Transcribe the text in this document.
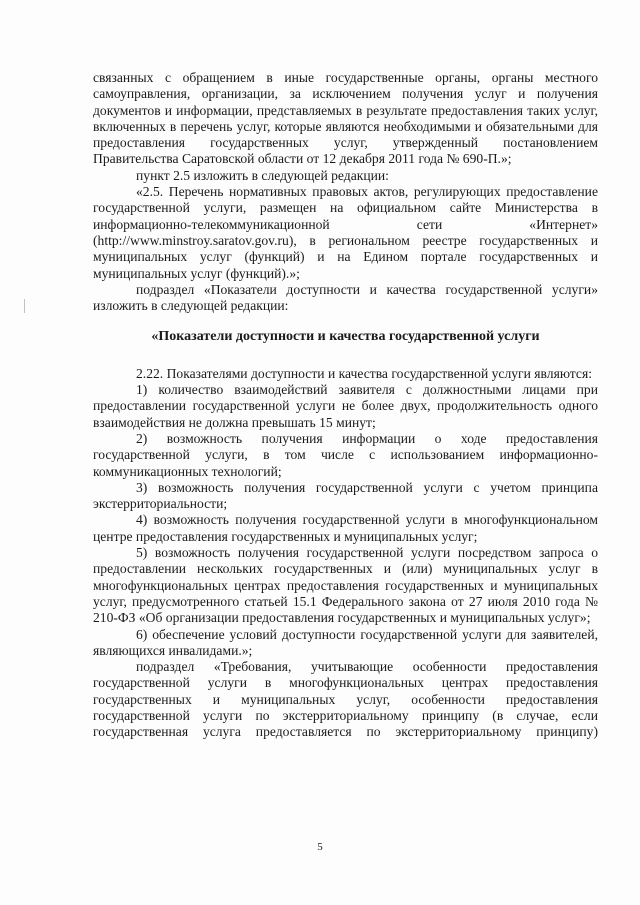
связанных с обращением в иные государственные органы, органы местного самоуправления, организации, за исключением получения услуг и получения документов и информации, представляемых в результате предоставления таких услуг, включенных в перечень услуг, которые являются необходимыми и обязательными для предоставления государственных услуг, утвержденный постановлением Правительства Саратовской области от 12 декабря 2011 года № 690-П.»;

пункт 2.5 изложить в следующей редакции:

«2.5. Перечень нормативных правовых актов, регулирующих предоставление государственной услуги, размещен на официальном сайте Министерства в информационно-телекоммуникационной сети «Интернет» (http://www.minstroy.saratov.gov.ru), в региональном реестре государственных и муниципальных услуг (функций) и на Едином портале государственных и муниципальных услуг (функций).»;

подраздел «Показатели доступности и качества государственной услуги» изложить в следующей редакции:

«Показатели доступности и качества государственной услуги

2.22. Показателями доступности и качества государственной услуги являются:

1) количество взаимодействий заявителя с должностными лицами при предоставлении государственной услуги не более двух, продолжительность одного взаимодействия не должна превышать 15 минут;

2) возможность получения информации о ходе предоставления государственной услуги, в том числе с использованием информационно-коммуникационных технологий;

3) возможность получения государственной услуги с учетом принципа экстерриториальности;

4) возможность получения государственной услуги в многофункциональном центре предоставления государственных и муниципальных услуг;

5) возможность получения государственной услуги посредством запроса о предоставлении нескольких государственных и (или) муниципальных услуг в многофункциональных центрах предоставления государственных и муниципальных услуг, предусмотренного статьей 15.1 Федерального закона от 27 июля 2010 года № 210-ФЗ «Об организации предоставления государственных и муниципальных услуг»;

6) обеспечение условий доступности государственной услуги для заявителей, являющихся инвалидами.»;

подраздел «Требования, учитывающие особенности предоставления государственной услуги в многофункциональных центрах предоставления государственных и муниципальных услуг, особенности предоставления государственной услуги по экстерриториальному принципу (в случае, если государственная услуга предоставляется по экстерриториальному принципу)

5
